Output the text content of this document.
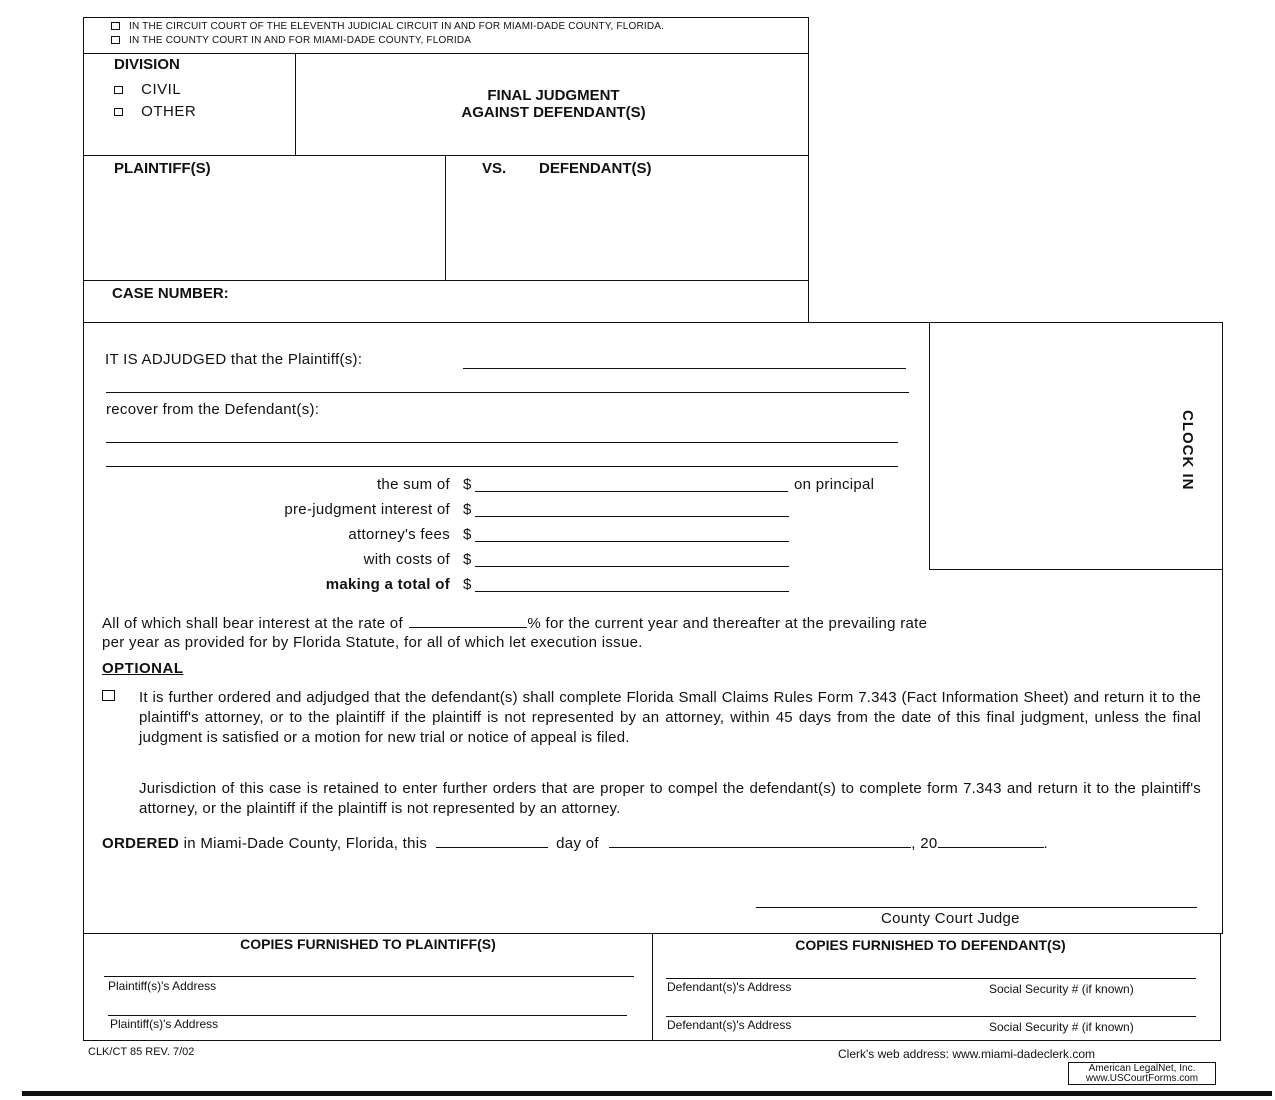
IN THE CIRCUIT COURT OF THE ELEVENTH JUDICIAL CIRCUIT IN AND FOR MIAMI-DADE COUNTY, FLORIDA.
IN THE COUNTY COURT IN AND FOR MIAMI-DADE COUNTY, FLORIDA
DIVISION
CIVIL
OTHER
FINAL JUDGMENT
AGAINST DEFENDANT(S)
PLAINTIFF(S)	VS. DEFENDANT(S)
CASE NUMBER:
CLOCK IN
IT IS ADJUDGED that the Plaintiff(s):
recover from the Defendant(s):
the sum of $	on principal
pre-judgment interest of $
attorney's fees $
with costs of $
making a total of $
All of which shall bear interest at the rate of	% for the current year and thereafter at the prevailing rate
per year as provided for by Florida Statute, for all of which let execution issue.
OPTIONAL
It is further ordered and adjudged that the defendant(s) shall complete Florida Small Claims Rules Form 7.343 (Fact Information Sheet) and return it to the plaintiff's attorney, or to the plaintiff if the plaintiff is not represented by an attorney, within 45 days from the date of this final judgment, unless the final judgment is satisfied or a motion for new trial or notice of appeal is filed.
Jurisdiction of this case is retained to enter further orders that are proper to compel the defendant(s) to complete form 7.343 and return it to the plaintiff's attorney, or the plaintiff if the plaintiff is not represented by an attorney.
ORDERED in Miami-Dade County, Florida, this	day of	, 20	.
County Court Judge
COPIES FURNISHED TO PLAINTIFF(S)	COPIES FURNISHED TO DEFENDANT(S)
Plaintiff(s)'s Address
Plaintiff(s)'s Address
Defendant(s)'s Address	Social Security # (if known)
Defendant(s)'s Address	Social Security # (if known)
CLK/CT 85 REV. 7/02	Clerk's web address: www.miami-dadeclerk.com
American LegalNet, Inc.
www.USCourtForms.com
